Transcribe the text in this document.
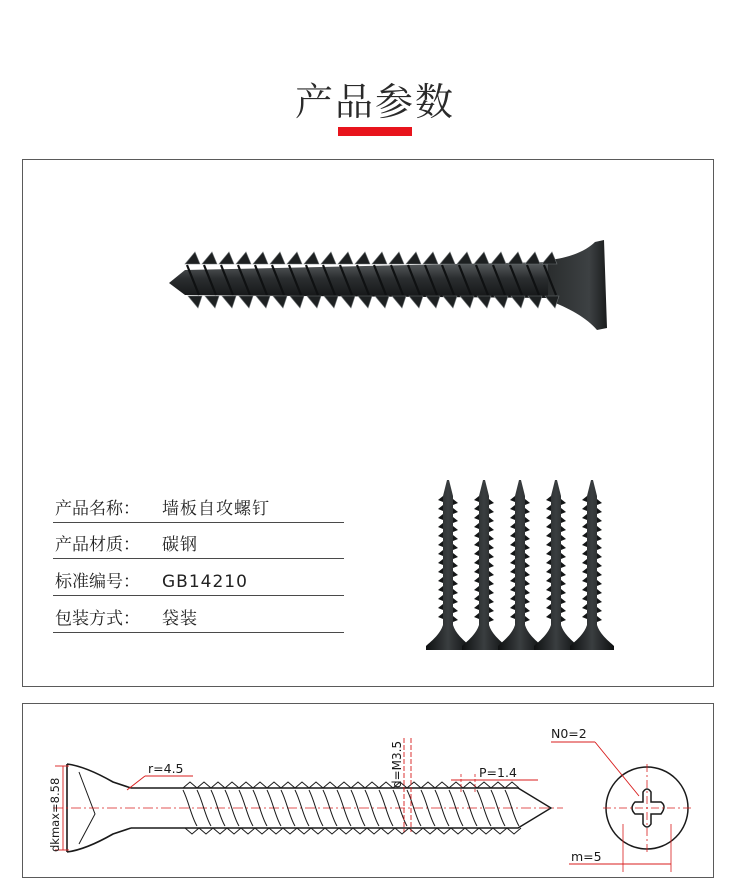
产品参数
产品名称： 墙板自攻螺钉
产品材质： 碳钢
标准编号： GB14210
包装方式： 袋装
dkmax=8.58
r=4.5	d=M3.5	P=1.4
N0=2
m=5
